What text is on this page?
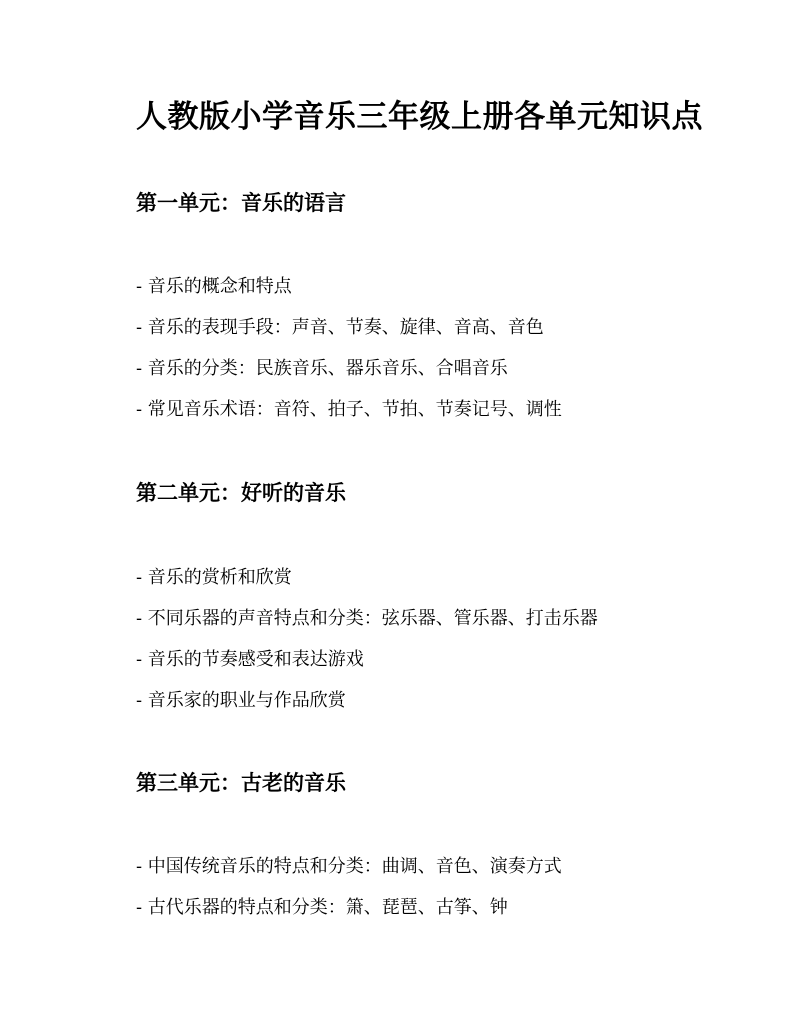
人教版小学音乐三年级上册各单元知识点
第一单元：音乐的语言
- 音乐的概念和特点
- 音乐的表现手段：声音、节奏、旋律、音高、音色
- 音乐的分类：民族音乐、器乐音乐、合唱音乐
- 常见音乐术语：音符、拍子、节拍、节奏记号、调性
第二单元：好听的音乐
- 音乐的赏析和欣赏
- 不同乐器的声音特点和分类：弦乐器、管乐器、打击乐器
- 音乐的节奏感受和表达游戏
- 音乐家的职业与作品欣赏
第三单元：古老的音乐
- 中国传统音乐的特点和分类：曲调、音色、演奏方式
- 古代乐器的特点和分类：箫、琵琶、古筝、钟
